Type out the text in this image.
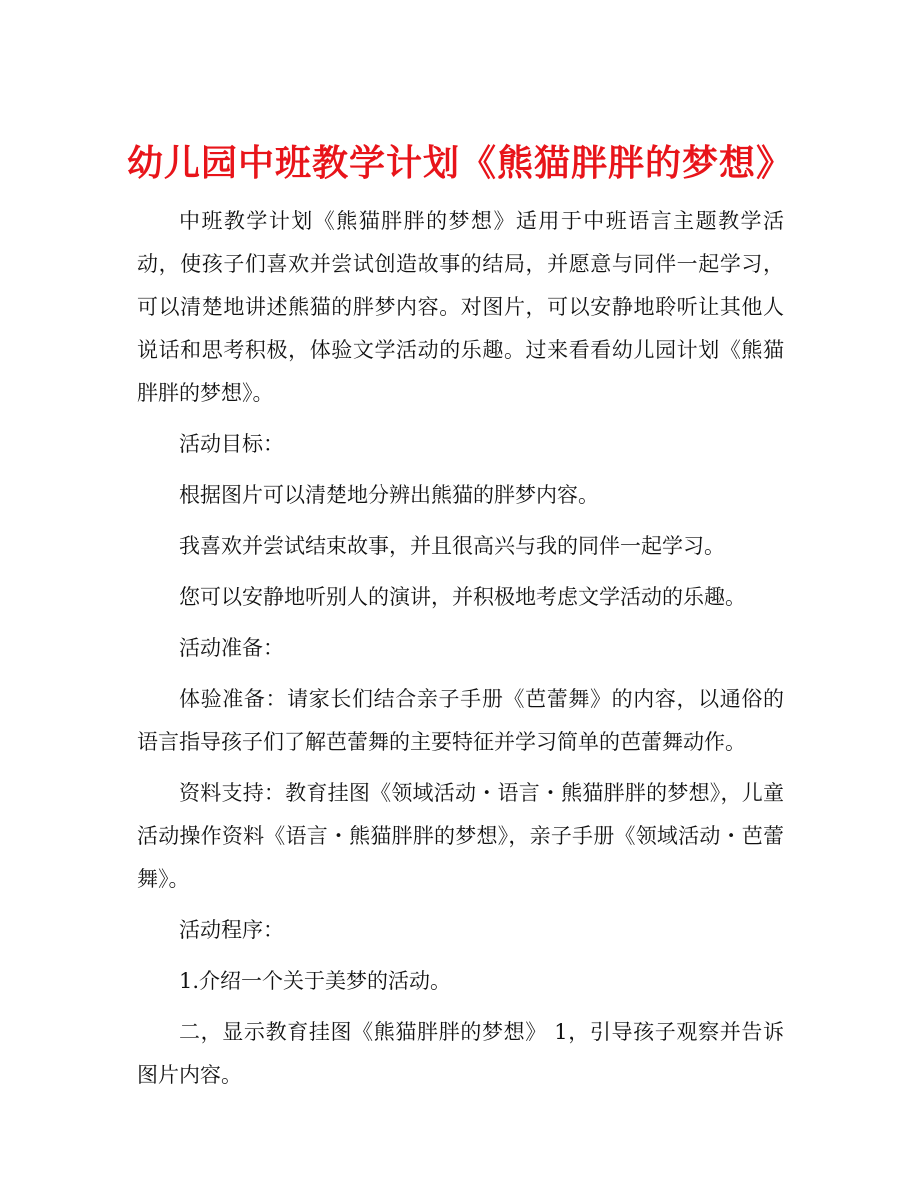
幼儿园中班教学计划《熊猫胖胖的梦想》

中班教学计划《熊猫胖胖的梦想》适用于中班语言主题教学活动，使孩子们喜欢并尝试创造故事的结局，并愿意与同伴一起学习，可以清楚地讲述熊猫的胖梦内容。对图片，可以安静地聆听让其他人说话和思考积极，体验文学活动的乐趣。过来看看幼儿园计划《熊猫胖胖的梦想》。

活动目标：

根据图片可以清楚地分辨出熊猫的胖梦内容。

我喜欢并尝试结束故事，并且很高兴与我的同伴一起学习。

您可以安静地听别人的演讲，并积极地考虑文学活动的乐趣。

活动准备：

体验准备：请家长们结合亲子手册《芭蕾舞》的内容，以通俗的语言指导孩子们了解芭蕾舞的主要特征并学习简单的芭蕾舞动作。

资料支持：教育挂图《领域活动・语言・熊猫胖胖的梦想》，儿童活动操作资料《语言・熊猫胖胖的梦想》，亲子手册《领域活动・芭蕾舞》。

活动程序：

1.介绍一个关于美梦的活动。

二，显示教育挂图《熊猫胖胖的梦想》 1，引导孩子观察并告诉图片内容。
